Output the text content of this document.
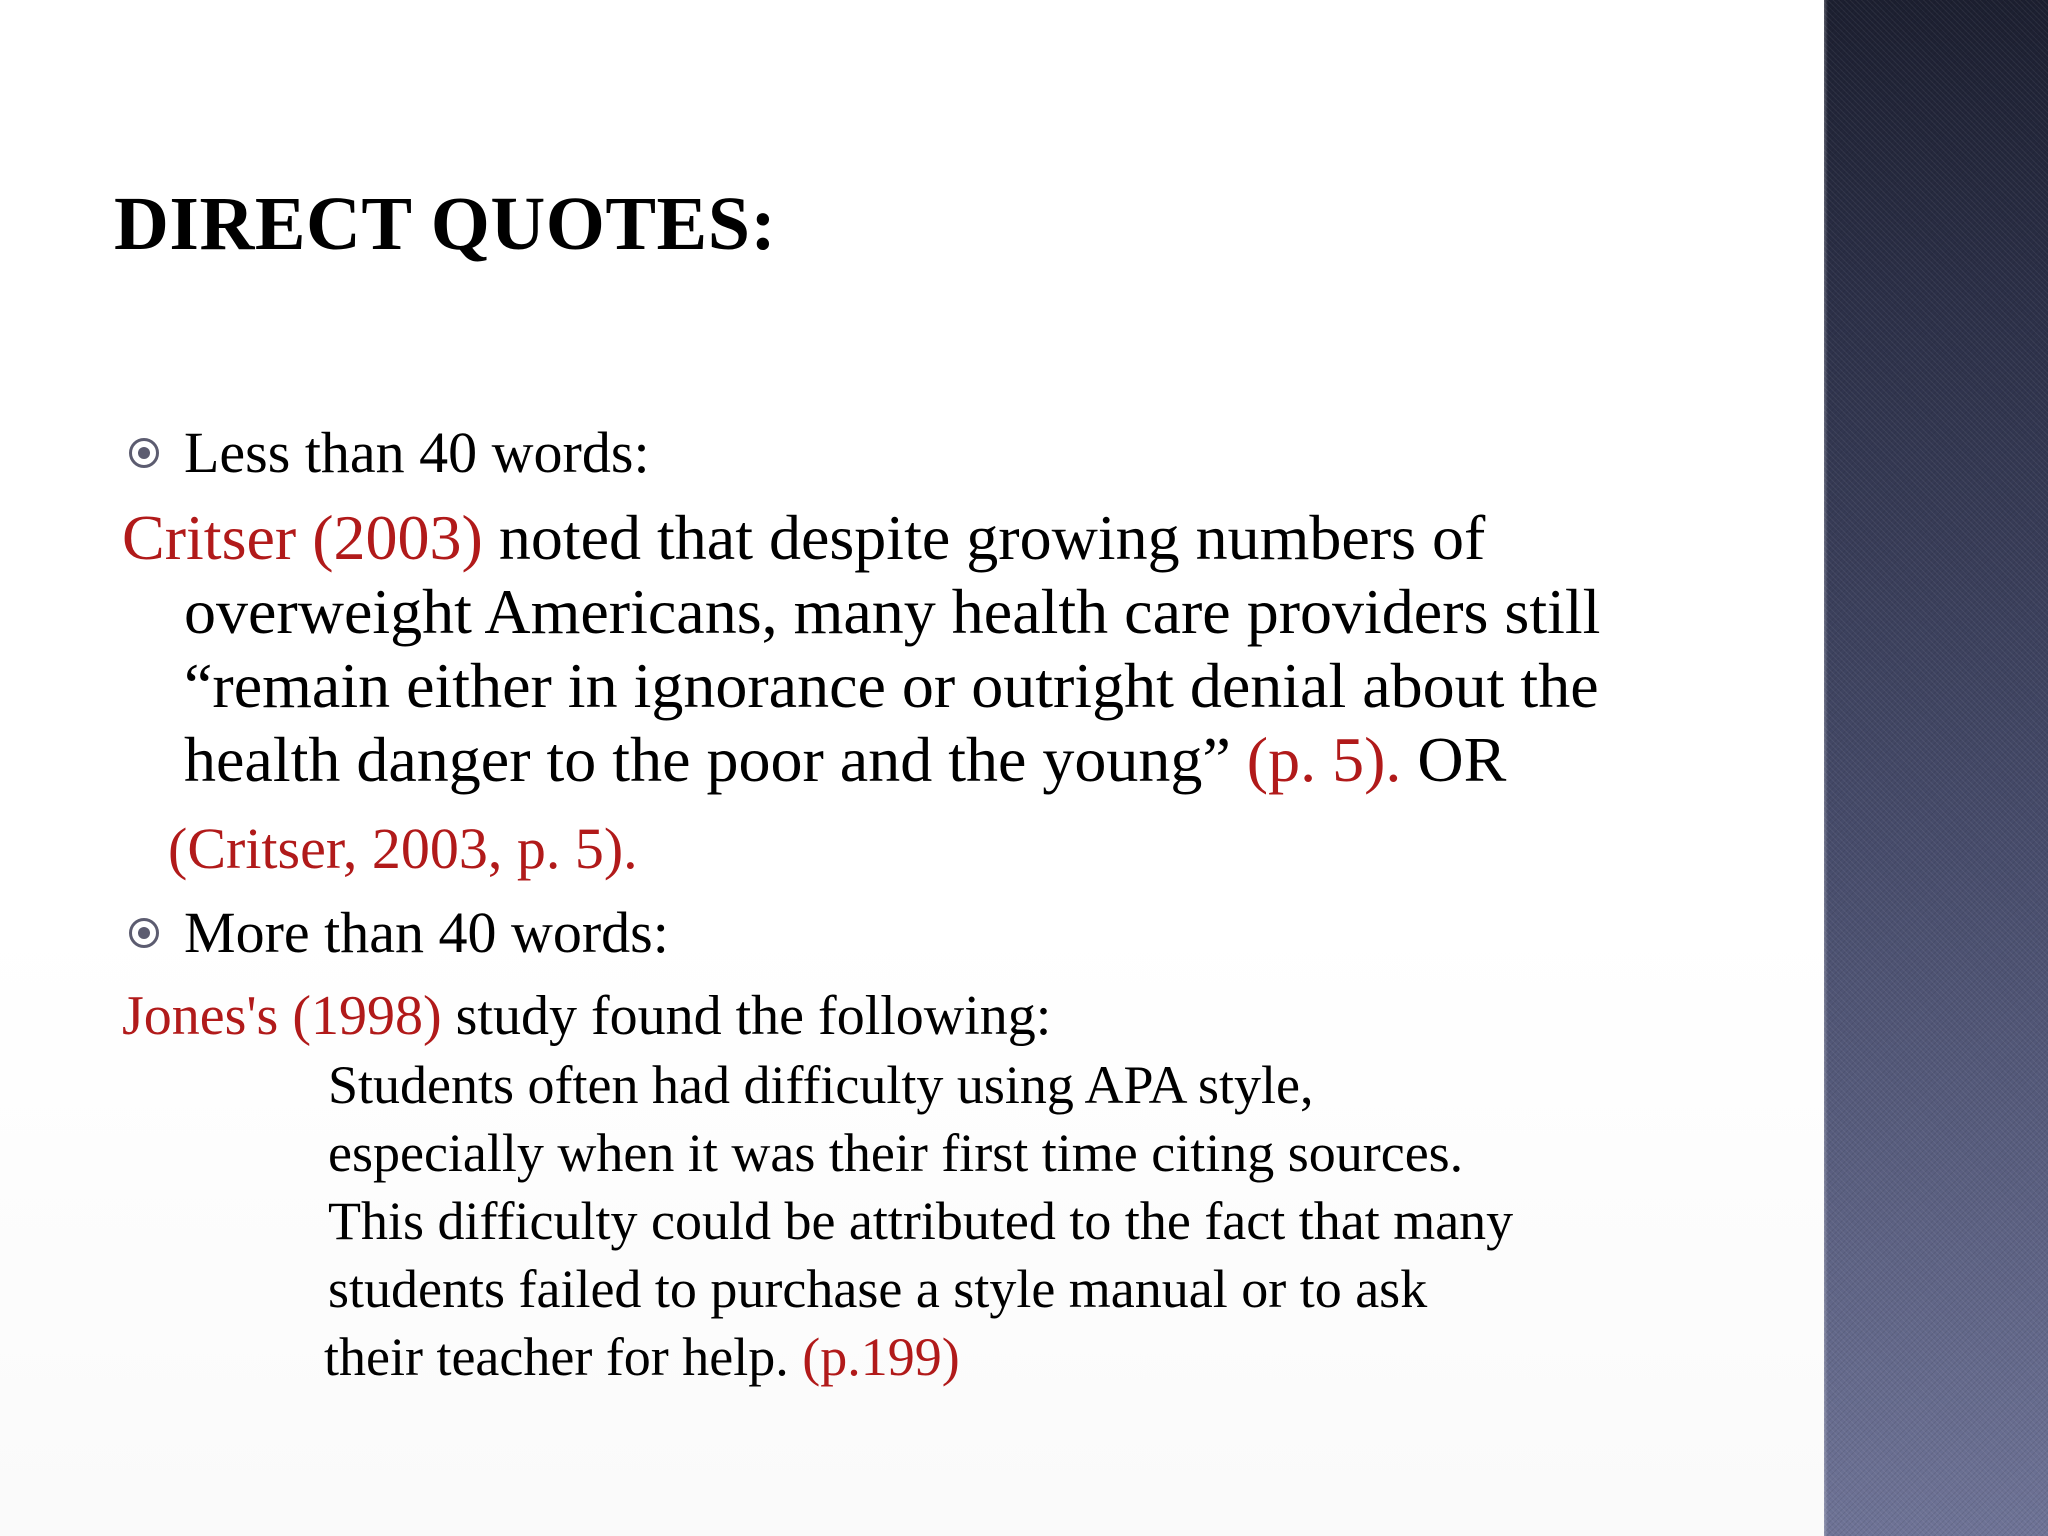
DIRECT QUOTES:
Less than 40 words:
Critser (2003) noted that despite growing numbers of
overweight Americans, many health care providers still
“remain either in ignorance or outright denial about the
health danger to the poor and the young” (p. 5). OR
(Critser, 2003, p. 5).
More than 40 words:
Jones's (1998) study found the following:
Students often had difficulty using APA style,
especially when it was their first time citing sources.
This difficulty could be attributed to the fact that many
students failed to purchase a style manual or to ask
their teacher for help. (p.199)
